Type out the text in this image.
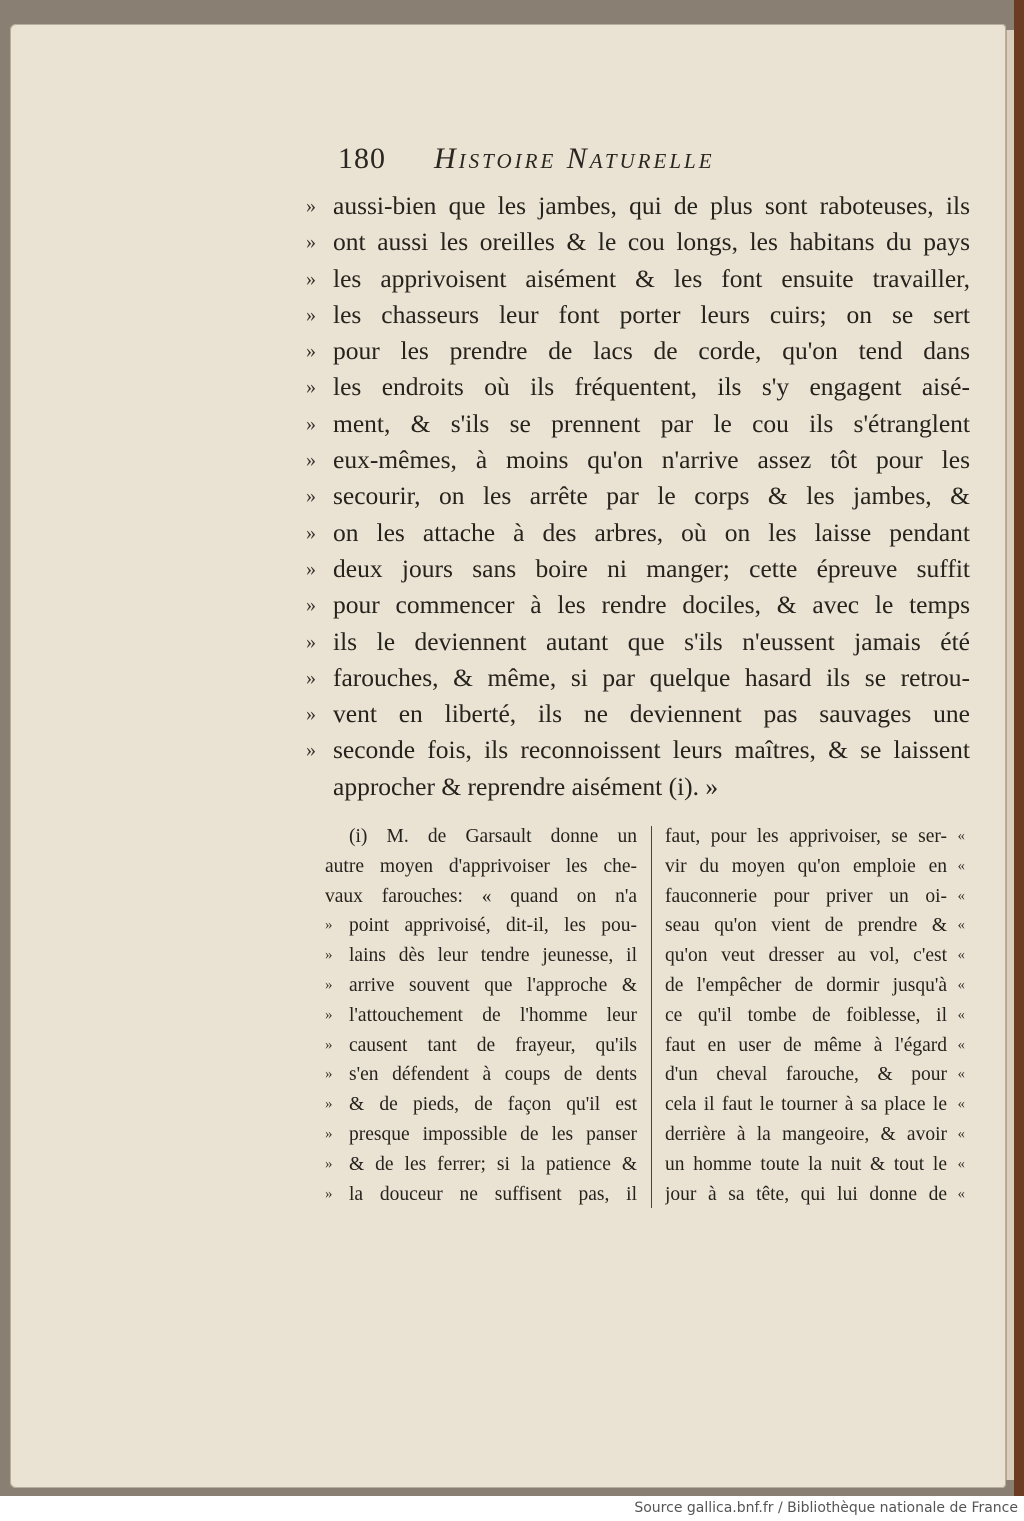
180 Histoire Naturelle
» aussi-bien que les jambes, qui de plus sont raboteuses, ils
» ont aussi les oreilles & le cou longs, les habitans du pays
» les apprivoisent aisément & les font ensuite travailler,
» les chasseurs leur font porter leurs cuirs; on se sert
» pour les prendre de lacs de corde, qu'on tend dans
» les endroits où ils fréquentent, ils s'y engagent aisé-
» ment, & s'ils se prennent par le cou ils s'étranglent
» eux-mêmes, à moins qu'on n'arrive assez tôt pour les
» secourir, on les arrête par le corps & les jambes, &
» on les attache à des arbres, où on les laisse pendant
» deux jours sans boire ni manger; cette épreuve suffit
» pour commencer à les rendre dociles, & avec le temps
» ils le deviennent autant que s'ils n'eussent jamais été
» farouches, & même, si par quelque hasard ils se retrou-
» vent en liberté, ils ne deviennent pas sauvages une
» seconde fois, ils reconnoissent leurs maîtres, & se laissent
approcher & reprendre aisément (i). »
(i) M. de Garsault donne un
autre moyen d'apprivoiser les che-
vaux farouches: « quand on n'a
» point apprivoisé, dit-il, les pou-
» lains dès leur tendre jeunesse, il
» arrive souvent que l'approche &
» l'attouchement de l'homme leur
» causent tant de frayeur, qu'ils
» s'en défendent à coups de dents
» & de pieds, de façon qu'il est
» presque impossible de les panser
» & de les ferrer; si la patience &
» la douceur ne suffisent pas, il
faut, pour les apprivoiser, se ser- «
vir du moyen qu'on emploie en «
fauconnerie pour priver un oi- «
seau qu'on vient de prendre & «
qu'on veut dresser au vol, c'est «
de l'empêcher de dormir jusqu'à «
ce qu'il tombe de foiblesse, il «
faut en user de même à l'égard «
d'un cheval farouche, & pour «
cela il faut le tourner à sa place le «
derrière à la mangeoire, & avoir «
un homme toute la nuit & tout le «
jour à sa tête, qui lui donne de «
Source gallica.bnf.fr / Bibliothèque nationale de France
